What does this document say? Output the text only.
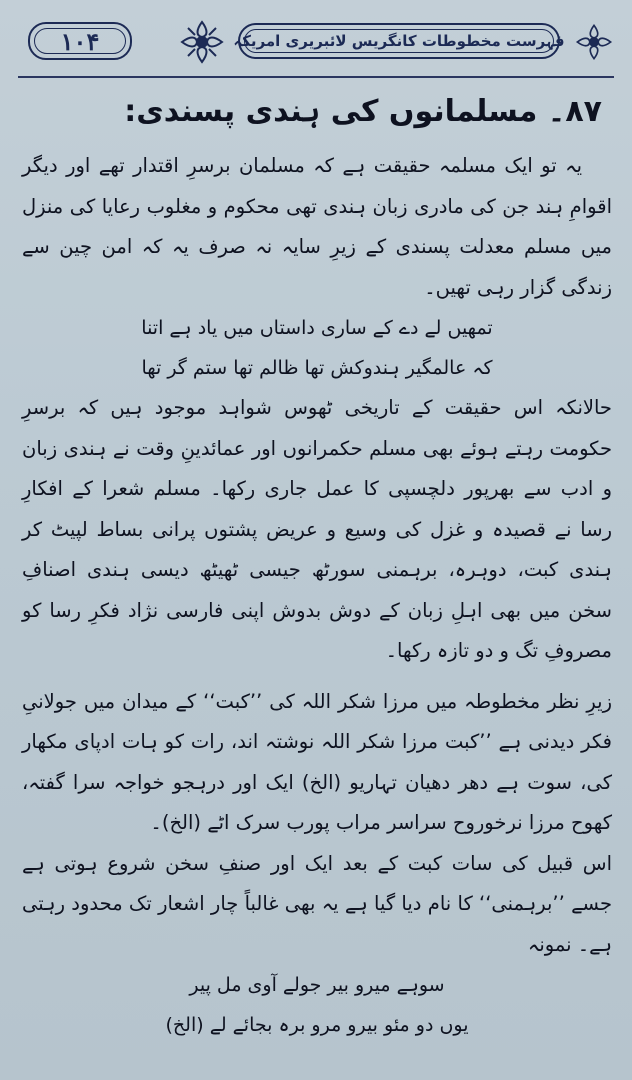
۱۰۴	فہرست مخطوطات کانگریس لائبریری امریکہ
۸۷۔ مسلمانوں کی ہندی پسندی:

یہ تو ایک مسلمہ حقیقت ہے کہ مسلمان برسرِ اقتدار تھے اور دیگر اقوامِ ہند جن کی مادری زبان ہندی تھی محکوم و مغلوب رعایا کی منزل میں مسلم معدلت پسندی کے زیرِ سایہ نہ صرف یہ کہ امن چین سے زندگی گزار رہی تھیں۔

تمھیں لے دے کے ساری داستاں میں یاد ہے اتنا
کہ عالمگیر ہندوکش تھا ظالم تھا ستم گر تھا

حالانکہ اس حقیقت کے تاریخی ٹھوس شواہد موجود ہیں کہ برسرِ حکومت رہتے ہوئے بھی مسلم حکمرانوں اور عمائدینِ وقت نے ہندی زبان و ادب سے بھرپور دلچسپی کا عمل جاری رکھا۔ مسلم شعرا کے افکارِ رسا نے قصیدہ و غزل کی وسیع و عریض پشتوں پرانی بساط لپیٹ کر ہندی کبت، دوہرہ، برہمنی سورٹھ جیسی ٹھیٹھ دیسی ہندی اصنافِ سخن میں بھی اہلِ زبان کے دوش بدوش اپنی فارسی نژاد فکرِ رسا کو مصروفِ تگ و دو تازہ رکھا۔

زیرِ نظر مخطوطہ میں مرزا شکر اللہ کی ’’کبت‘‘ کے میدان میں جولانیِ فکر دیدنی ہے ’’کبت مرزا شکر اللہ نوشتہ اند، رات کو ہات ادپای مکھار کی، سوت ہے دھر دھیان تہاریو (الخ) ایک اور درہجو خواجہ سرا گفتہ، کھوح مرزا نرخوروح سراسر مراب پورب سرک اٹے (الخ)۔

اس قبیل کی سات کبت کے بعد ایک اور صنفِ سخن شروع ہوتی ہے جسے ’’برہمنی‘‘ کا نام دیا گیا ہے یہ بھی غالباً چار اشعار تک محدود رہتی ہے۔ نمونہ

سوہے میرو بیر جولے آوی مل پیر
یوں دو مئو بیرو مرو برہ بجائے لے (الخ)
